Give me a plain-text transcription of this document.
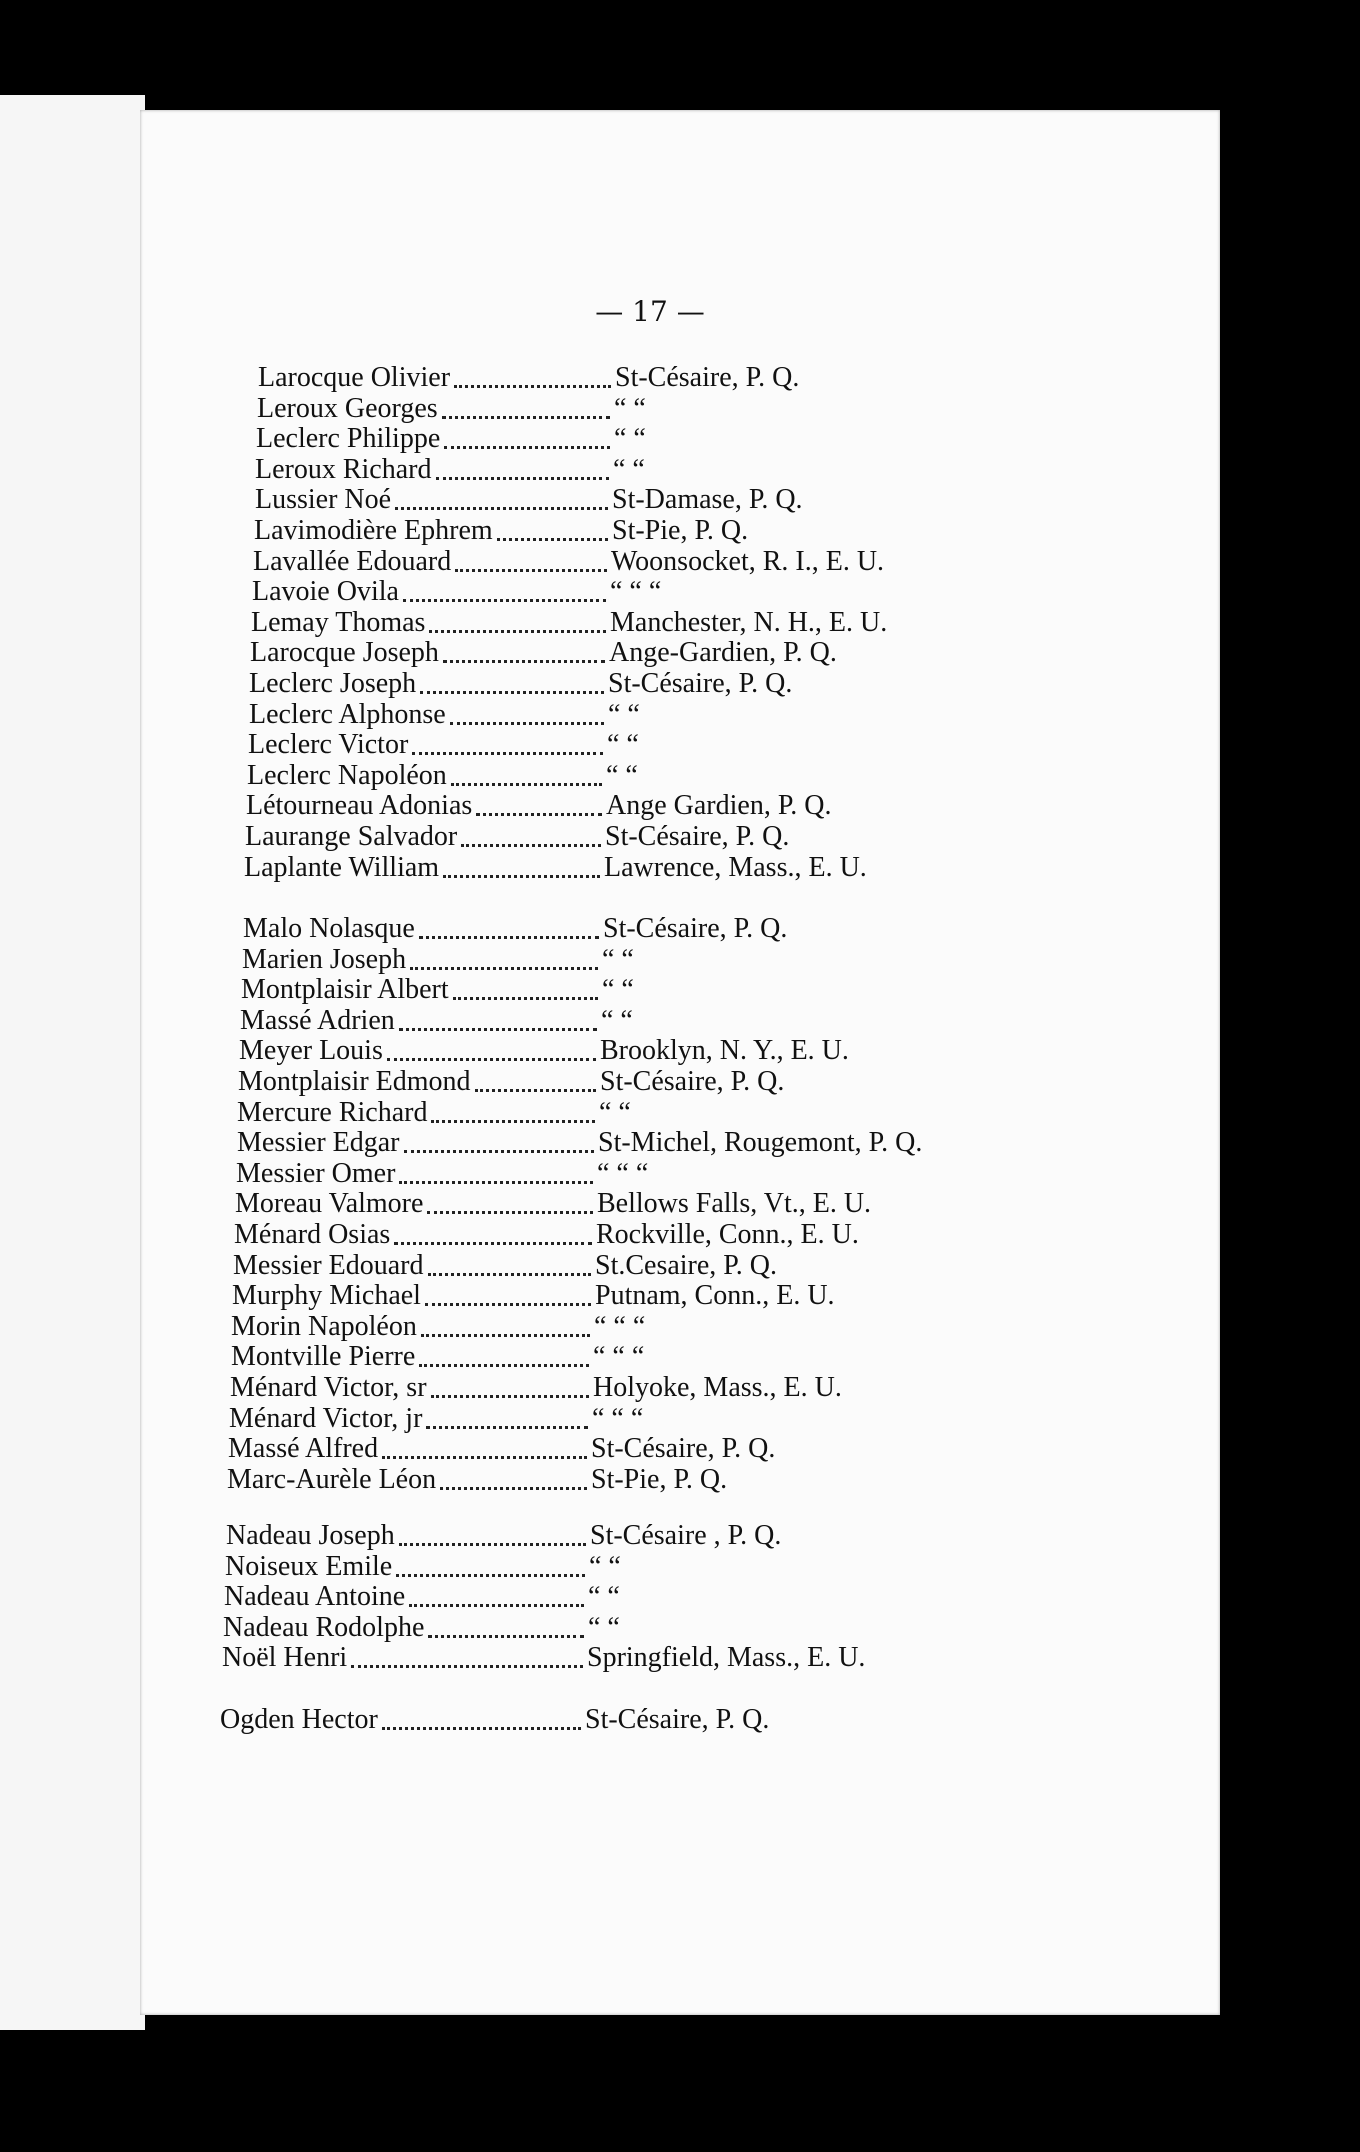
— 17 —
Larocque Olivier	St-Césaire, P. Q.
Leroux Georges	“ “
Leclerc Philippe	“ “
Leroux Richard	“ “
Lussier Noé	St-Damase, P. Q.
Lavimodière Ephrem	St-Pie, P. Q.
Lavallée Edouard	Woonsocket, R. I., E. U.
Lavoie Ovila	“ “ “
Lemay Thomas	Manchester, N. H., E. U.
Larocque Joseph	Ange-Gardien, P. Q.
Leclerc Joseph	St-Césaire, P. Q.
Leclerc Alphonse	“ “
Leclerc Victor	“ “
Leclerc Napoléon	“ “
Létourneau Adonias	Ange Gardien, P. Q.
Laurange Salvador	St-Césaire, P. Q.
Laplante William	Lawrence, Mass., E. U.
Malo Nolasque	St-Césaire, P. Q.
Marien Joseph	“ “
Montplaisir Albert	“ “
Massé Adrien	“ “
Meyer Louis	Brooklyn, N. Y., E. U.
Montplaisir Edmond	St-Césaire, P. Q.
Mercure Richard	“ “
Messier Edgar	St-Michel, Rougemont, P. Q.
Messier Omer	“ “ “
Moreau Valmore	Bellows Falls, Vt., E. U.
Ménard Osias	Rockville, Conn., E. U.
Messier Edouard	St.Cesaire, P. Q.
Murphy Michael	Putnam, Conn., E. U.
Morin Napoléon	“ “ “
Montville Pierre	“ “ “
Ménard Victor, sr	Holyoke, Mass., E. U.
Ménard Victor, jr	“ “ “
Massé Alfred	St-Césaire, P. Q.
Marc-Aurèle Léon	St-Pie, P. Q.
Nadeau Joseph	St-Césaire , P. Q.
Noiseux Emile	“ “
Nadeau Antoine	“ “
Nadeau Rodolphe	“ “
Noël Henri	Springfield, Mass., E. U.
Ogden Hector	St-Césaire, P. Q.
